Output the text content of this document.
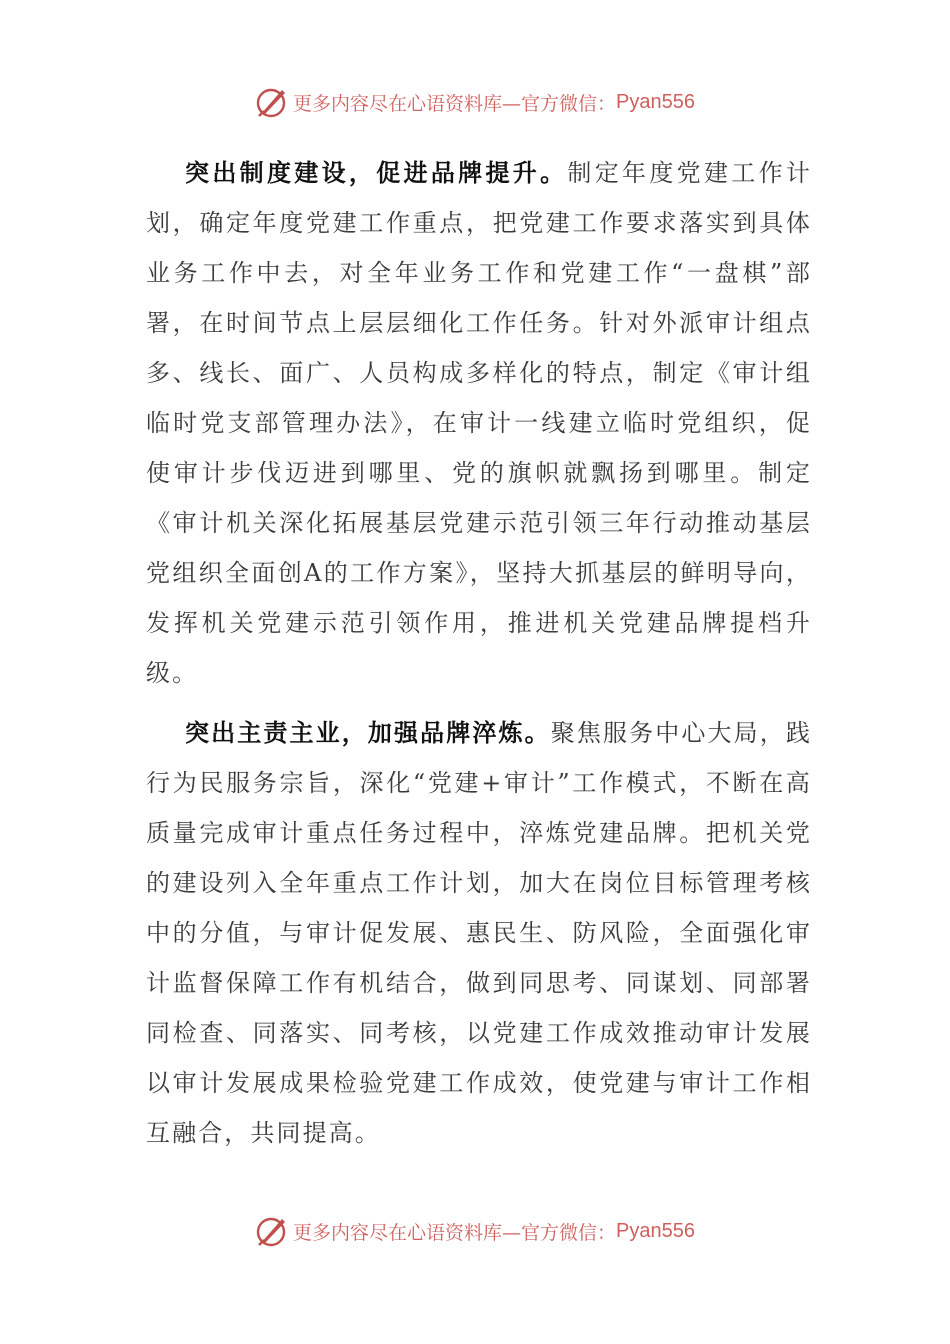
更多内容尽在心语资料库—官方微信： Pyan556

突出制度建设，促进品牌提升。制定年度党建工作计划，确定年度党建工作重点，把党建工作要求落实到具体业务工作中去，对全年业务工作和党建工作“一盘棋”部署，在时间节点上层层细化工作任务。针对外派审计组点多、线长、面广、人员构成多样化的特点，制定《审计组临时党支部管理办法》，在审计一线建立临时党组织，促使审计步伐迈进到哪里、党的旗帜就飘扬到哪里。制定《审计机关深化拓展基层党建示范引领三年行动推动基层党组织全面创A的工作方案》，坚持大抓基层的鲜明导向，发挥机关党建示范引领作用，推进机关党建品牌提档升级。

突出主责主业，加强品牌淬炼。聚焦服务中心大局，践行为民服务宗旨，深化“党建+审计”工作模式，不断在高质量完成审计重点任务过程中，淬炼党建品牌。把机关党的建设列入全年重点工作计划，加大在岗位目标管理考核中的分值，与审计促发展、惠民生、防风险，全面强化审计监督保障工作有机结合，做到同思考、同谋划、同部署同检查、同落实、同考核，以党建工作成效推动审计发展以审计发展成果检验党建工作成效，使党建与审计工作相互融合，共同提高。

更多内容尽在心语资料库—官方微信： Pyan556
